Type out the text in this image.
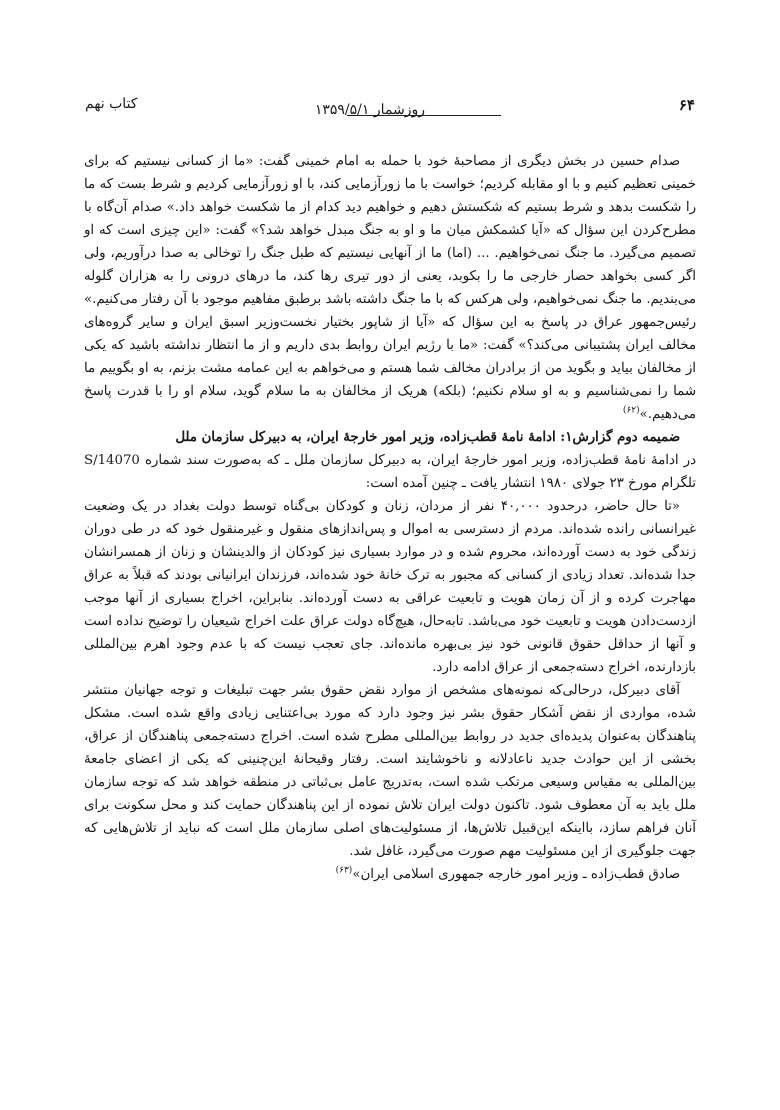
۶۴
روزشمار ۱۳۵۹/۵/۱
کتاب نهم

صدام حسین در بخش دیگری از مصاحبهٔ خود با حمله به امام خمینی گفت: «ما از کسانی نیستیم که برای خمینی تعظیم کنیم و با او مقابله کردیم؛ خواست با ما زورآزمایی کند، با او زورآزمایی کردیم و شرط بست که ما را شکست بدهد و شرط بستیم که شکستش دهیم و خواهیم دید کدام از ما شکست خواهد داد.» صدام آن‌گاه با مطرح‌کردن این سؤال که «آیا کشمکش میان ما و او به جنگ مبدل خواهد شد؟» گفت: «این چیزی است که او تصمیم می‌گیرد. ما جنگ نمی‌خواهیم. ... (اما) ما از آنهایی نیستیم که طبل جنگ را توخالی به صدا درآوریم، ولی اگر کسی بخواهد حصار خارجی ما را بکوبد، یعنی از دور تیری رها کند، ما درهای درونی را به هزاران گلوله می‌بندیم. ما جنگ نمی‌خواهیم، ولی هرکس که با ما جنگ داشته باشد برطبق مفاهیم موجود با آن رفتار می‌کنیم.» رئیس‌جمهور عراق در پاسخ به این سؤال که «آیا از شاپور بختیار نخست‌وزیر اسبق ایران و سایر گروه‌های مخالف ایران پشتیبانی می‌کند؟» گفت: «ما با رژیم ایران روابط بدی داریم و از ما انتظار نداشته باشید که یکی از مخالفان بیاید و بگوید من از برادران مخالف شما هستم و می‌خواهم به این عمامه مشت بزنم، به او بگوییم ما شما را نمی‌شناسیم و به او سلام نکنیم؛ (بلکه) هریک از مخالفان به ما سلام گوید، سلام او را با قدرت پاسخ می‌دهیم.»$^{(۶۲)}$

ضمیمه دوم گزارش۱: ادامهٔ نامهٔ قطب‌زاده، وزیر امور خارجهٔ ایران، به دبیرکل سازمان ملل

در ادامهٔ نامهٔ قطب‌زاده، وزیر امور خارجهٔ ایران، به دبیرکل سازمان ملل ـ که به‌صورت سند شماره S/14070 تلگرام مورخ ۲۳ جولای ۱۹۸۰ انتشار یافت ـ چنین آمده است:

«تا حال حاضر، درحدود ۴۰,۰۰۰ نفر از مردان، زنان و کودکان بی‌گناه توسط دولت بغداد در یک وضعیت غیرانسانی رانده شده‌اند. مردم از دسترسی به اموال و پس‌اندازهای منقول و غیرمنقول خود که در طی دوران زندگی خود به دست آورده‌اند، محروم شده و در موارد بسیاری نیز کودکان از والدینشان و زنان از همسرانشان جدا شده‌اند. تعداد زیادی از کسانی که مجبور به ترک خانهٔ خود شده‌اند، فرزندان ایرانیانی بودند که قبلاً به عراق مهاجرت کرده و از آن زمان هویت و تابعیت عراقی به دست آورده‌اند. بنابراین، اخراج بسیاری از آنها موجب ازدست‌دادن هویت و تابعیت خود می‌باشد. تابه‌حال، هیچ‌گاه دولت عراق علت اخراج شیعیان را توضیح نداده است و آنها از حداقل حقوق قانونی خود نیز بی‌بهره مانده‌اند. جای تعجب نیست که با عدم وجود اهرم بین‌المللی بازدارنده، اخراج دسته‌جمعی از عراق ادامه دارد.

آقای دبیرکل، درحالی‌که نمونه‌های مشخص از موارد نقض حقوق بشر جهت تبلیغات و توجه جهانیان منتشر شده، مواردی از نقض آشکار حقوق بشر نیز وجود دارد که مورد بی‌اعتنایی زیادی واقع شده است. مشکل پناهندگان به‌عنوان پدیده‌ای جدید در روابط بین‌المللی مطرح شده است. اخراج دسته‌جمعی پناهندگان از عراق، بخشی از این حوادث جدید ناعادلانه و ناخوشایند است. رفتار وقیحانهٔ این‌چنینی که یکی از اعضای جامعهٔ بین‌المللی به مقیاس وسیعی مرتکب شده است، به‌تدریج عامل بی‌ثباتی در منطقه خواهد شد که توجه سازمان ملل باید به آن معطوف شود. تاکنون دولت ایران تلاش نموده از این پناهندگان حمایت کند و محل سکونت برای آنان فراهم سازد، بااینکه این‌قبیل تلاش‌ها، از مسئولیت‌های اصلی سازمان ملل است که نباید از تلاش‌هایی که جهت جلوگیری از این مسئولیت مهم صورت می‌گیرد، غافل شد.

صادق قطب‌زاده ـ وزیر امور خارجه جمهوری اسلامی ایران»$^{(۶۳)}$
